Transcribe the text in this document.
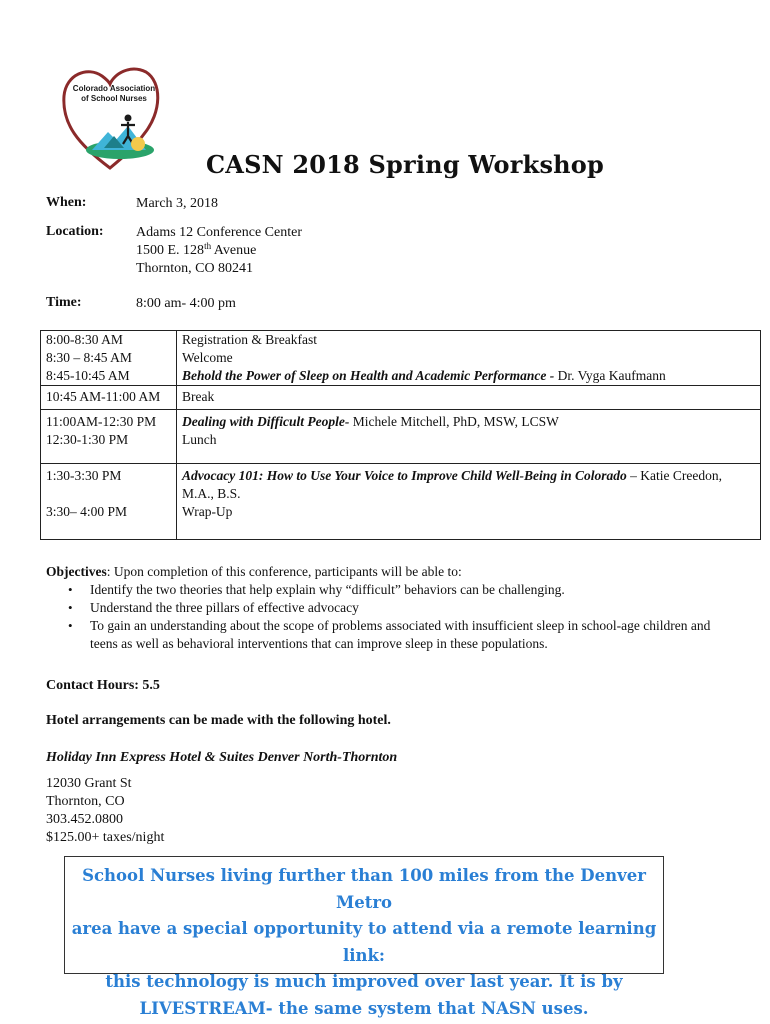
Colorado Association
of School Nurses
CASN 2018 Spring Workshop
When:	March 3, 2018
Location: Adams 12 Conference Center
1500 E. 128th Avenue
Thornton, CO 80241
Time:	8:00 am- 4:00 pm
8:00-8:30 AM	Registration & Breakfast
8:30 – 8:45 AM	Welcome
8:45-10:45 AM	Behold the Power of Sleep on Health and Academic Performance - Dr. Vyga Kaufmann
10:45 AM-11:00 AM	Break
11:00AM-12:30 PM	Dealing with Difficult People- Michele Mitchell, PhD, MSW, LCSW
12:30-1:30 PM	Lunch
1:30-3:30 PM	Advocacy 101: How to Use Your Voice to Improve Child Well-Being in Colorado – Katie Creedon, M.A., B.S.
3:30– 4:00 PM	Wrap-Up
Objectives: Upon completion of this conference, participants will be able to:
• Identify the two theories that help explain why “difficult” behaviors can be challenging.
• Understand the three pillars of effective advocacy
• To gain an understanding about the scope of problems associated with insufficient sleep in school-age children and teens as well as behavioral interventions that can improve sleep in these populations.
Contact Hours: 5.5
Hotel arrangements can be made with the following hotel.
Holiday Inn Express Hotel & Suites Denver North-Thornton
12030 Grant St
Thornton, CO
303.452.0800
$125.00+ taxes/night
School Nurses living further than 100 miles from the Denver Metro
area have a special opportunity to attend via a remote learning link:
this technology is much improved over last year. It is by
LIVESTREAM- the same system that NASN uses.
